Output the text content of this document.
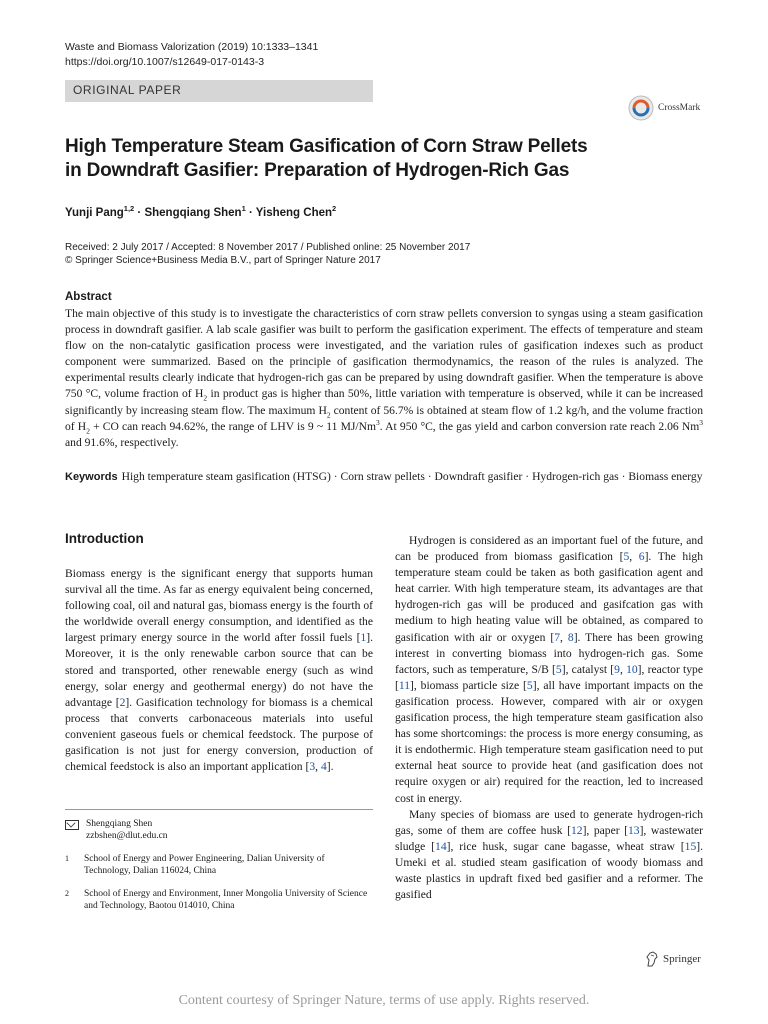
Waste and Biomass Valorization (2019) 10:1333–1341
https://doi.org/10.1007/s12649-017-0143-3
ORIGINAL PAPER
CrossMark
High Temperature Steam Gasification of Corn Straw Pellets
in Downdraft Gasifier: Preparation of Hydrogen-Rich Gas
Yunji Pang$^{1,2}$ · Shengqiang Shen$^1$ · Yisheng Chen$^2$
Received: 2 July 2017 / Accepted: 8 November 2017 / Published online: 25 November 2017
© Springer Science+Business Media B.V., part of Springer Nature 2017
Abstract
The main objective of this study is to investigate the characteristics of corn straw pellets conversion to syngas using a steam gasification process in downdraft gasifier. A lab scale gasifier was built to perform the gasification experiment. The effects of temperature and steam flow on the non-catalytic gasification process were investigated, and the variation rules of gasification indexes such as product component were summarized. Based on the principle of gasification thermodynamics, the reason of the rules is analyzed. The experimental results clearly indicate that hydrogen-rich gas can be prepared by using downdraft gasifier. When the temperature is above 750 °C, volume fraction of $H_2$ in product gas is higher than 50%, little variation with temperature is observed, while it can be increased significantly by increasing steam flow. The maximum $H_2$ content of 56.7% is obtained at steam flow of 1.2 kg/h, and the volume fraction of $H_2$ + CO can reach 94.62%, the range of LHV is 9 ~ 11 MJ/Nm$^3$. At 950 °C, the gas yield and carbon conversion rate reach 2.06 Nm$^3$ and 91.6%, respectively.
Keywords High temperature steam gasification (HTSG) · Corn straw pellets · Downdraft gasifier · Hydrogen-rich gas · Biomass energy
Introduction

Biomass energy is the significant energy that supports human survival all the time. As far as energy equivalent being concerned, following coal, oil and natural gas, biomass energy is the fourth of the worldwide overall energy consumption, and identified as the largest primary energy source in the world after fossil fuels [1]. Moreover, it is the only renewable carbon source that can be stored and transported, other renewable energy (such as wind energy, solar energy and geothermal energy) do not have the advantage [2]. Gasification technology for biomass is a chemical process that converts carbonaceous materials into useful convenient gaseous fuels or chemical feedstock. The purpose of gasification is not just for energy conversion, production of chemical feedstock is also an important application [3, 4].

Shengqiang Shen
zzbshen@dlut.edu.cn
1	School of Energy and Power Engineering, Dalian University of Technology, Dalian 116024, China
2	School of Energy and Environment, Inner Mongolia University of Science and Technology, Baotou 014010, China

Hydrogen is considered as an important fuel of the future, and can be produced from biomass gasification [5, 6]. The high temperature steam could be taken as both gasification agent and heat carrier. With high temperature steam, its advantages are that hydrogen-rich gas will be produced and gasifcation gas with medium to high heating value will be obtained, as compared to gasification with air or oxygen [7, 8]. There has been growing interest in converting biomass into hydrogen-rich gas. Some factors, such as temperature, S/B [5], catalyst [9, 10], reactor type [11], biomass particle size [5], all have important impacts on the gasification process. However, compared with air or oxygen gasification process, the high temperature steam gasification also has some shortcomings: the process is more energy consuming, as it is endothermic. High temperature steam gasification need to put external heat source to provide heat (and gasification does not require oxygen or air) required for the reaction, led to increased cost in energy.

Many species of biomass are used to generate hydrogen-rich gas, some of them are coffee husk [12], paper [13], wastewater sludge [14], rice husk, sugar cane bagasse, wheat straw [15]. Umeki et al. studied steam gasification of woody biomass and waste plastics in updraft fixed bed gasifier and a reformer. The gasified

Springer
Content courtesy of Springer Nature, terms of use apply. Rights reserved.
